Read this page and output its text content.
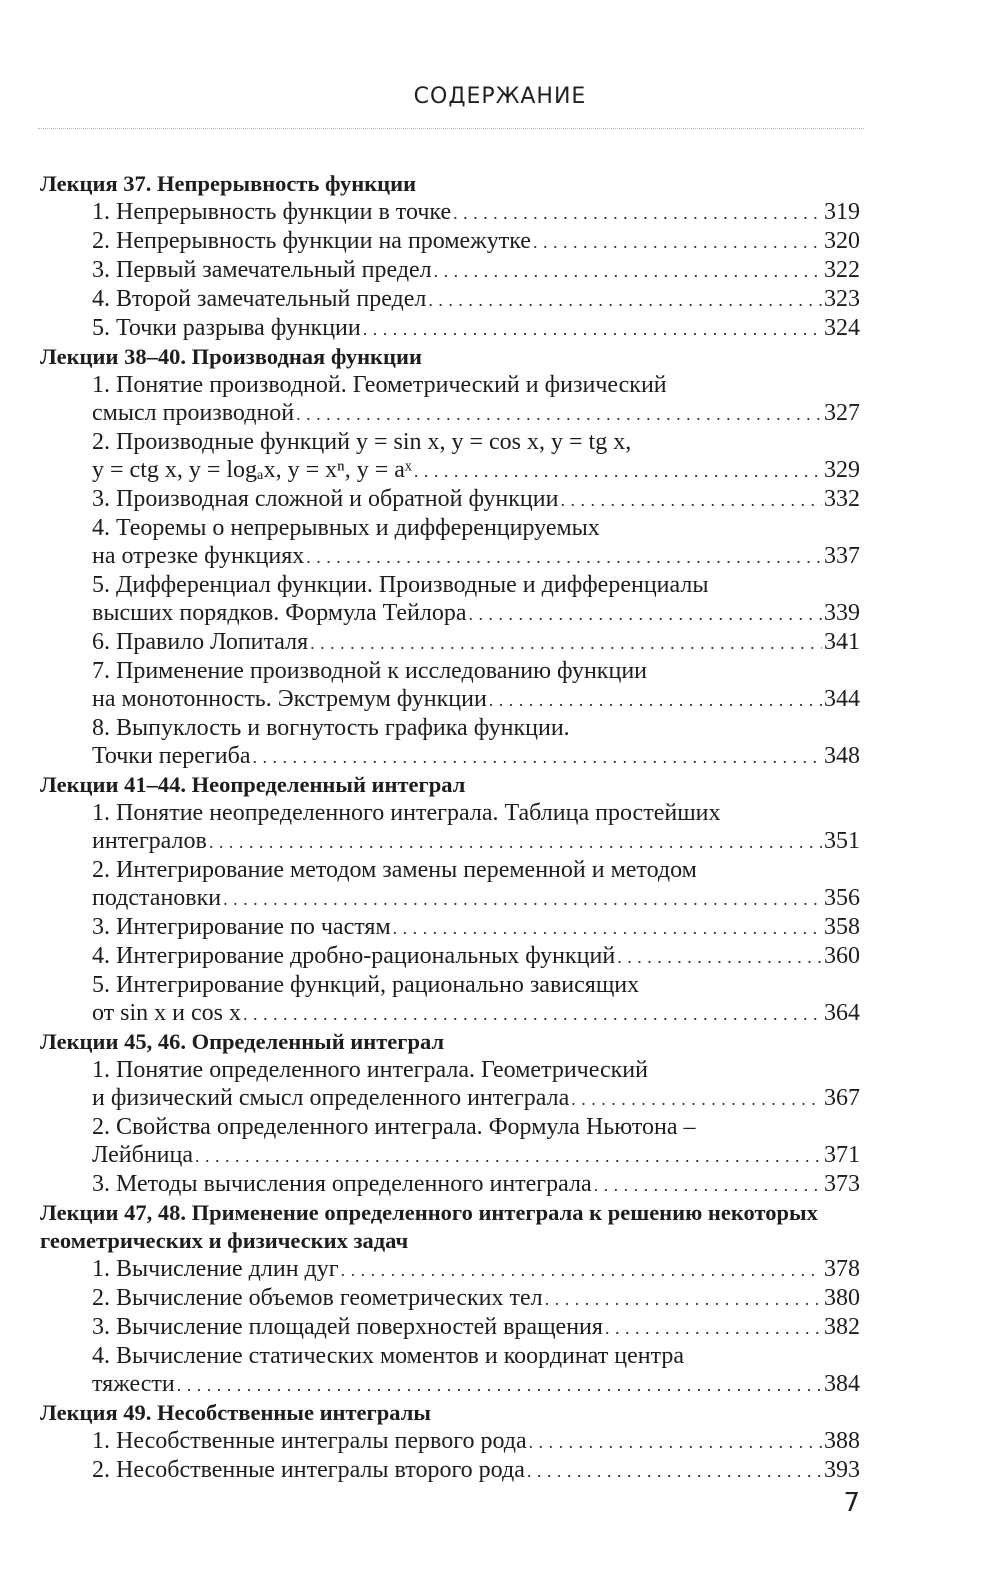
СОДЕРЖАНИЕ
Лекция 37. Непрерывность функции
1. Непрерывность функции в точке . . .	319
2. Непрерывность функции на промежутке . . .	320
3. Первый замечательный предел . . .	322
4. Второй замечательный предел . . .	323
5. Точки разрыва функции . . .	324
Лекции 38–40. Производная функции
1. Понятие производной. Геометрический и физический
смысл производной . . .	327
2. Производные функций y = sin x, y = cos x, y = tg x,
y = ctg x, y = logₐx, y = xⁿ, y = aˣ . . .	329
3. Производная сложной и обратной функции . . .	332
4. Теоремы о непрерывных и дифференцируемых
на отрезке функциях . . .	337
5. Дифференциал функции. Производные и дифференциалы
высших порядков. Формула Тейлора . . .	339
6. Правило Лопиталя . . .	341
7. Применение производной к исследованию функции
на монотонность. Экстремум функции . . .	344
8. Выпуклость и вогнутость графика функции.
Точки перегиба . . .	348
Лекции 41–44. Неопределенный интеграл
1. Понятие неопределенного интеграла. Таблица простейших
интегралов . . .	351
2. Интегрирование методом замены переменной и методом
подстановки . . .	356
3. Интегрирование по частям . . .	358
4. Интегрирование дробно-рациональных функций . . .	360
5. Интегрирование функций, рационально зависящих
от sin x и cos x . . .	364
Лекции 45, 46. Определенный интеграл
1. Понятие определенного интеграла. Геометрический
и физический смысл определенного интеграла . . .	367
2. Свойства определенного интеграла. Формула Ньютона –
Лейбница . . .	371
3. Методы вычисления определенного интеграла . . .	373
Лекции 47, 48. Применение определенного интеграла к решению некоторых геометрических и физических задач
1. Вычисление длин дуг . . .	378
2. Вычисление объемов геометрических тел . . .	380
3. Вычисление площадей поверхностей вращения . . .	382
4. Вычисление статических моментов и координат центра
тяжести . . .	384
Лекция 49. Несобственные интегралы
1. Несобственные интегралы первого рода . . .	388
2. Несобственные интегралы второго рода . . .	393
7
